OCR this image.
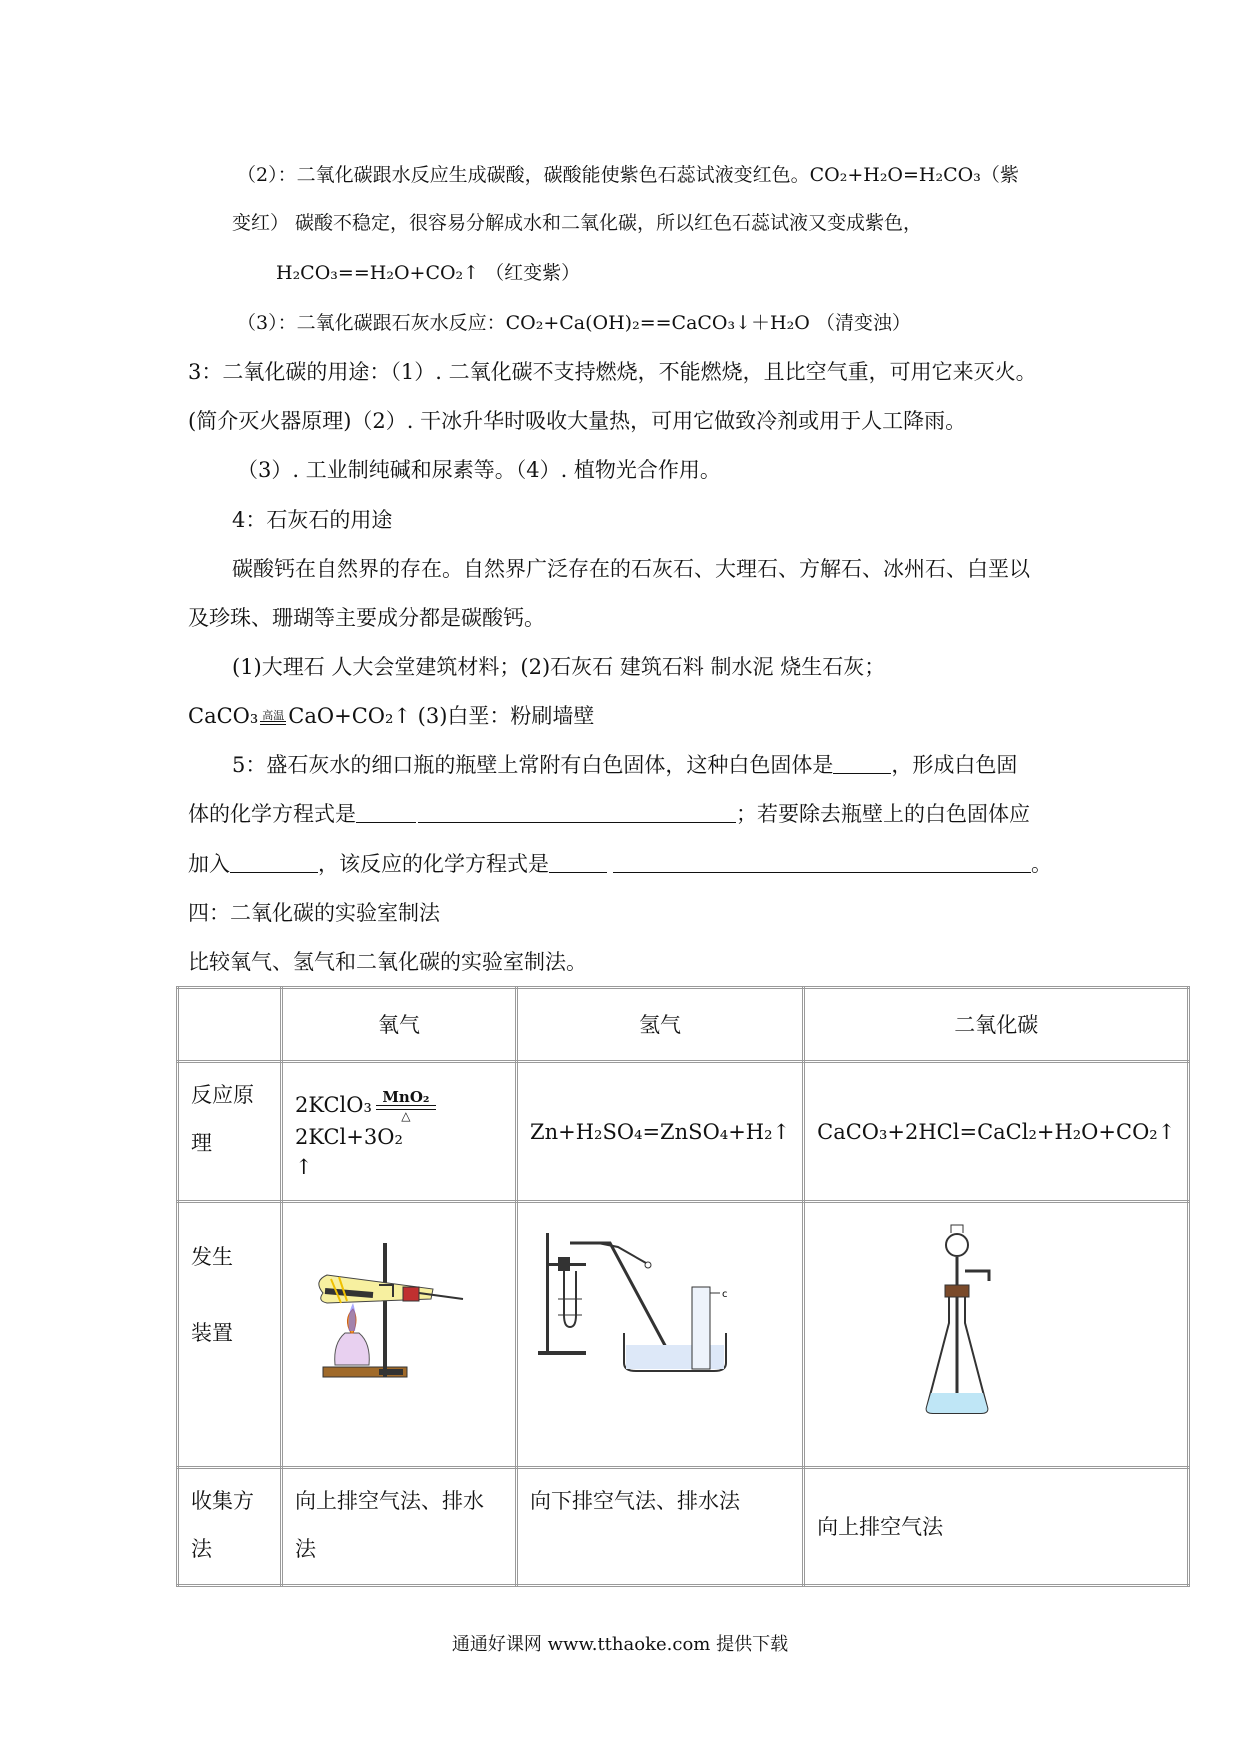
（2）：二氧化碳跟水反应生成碳酸，碳酸能使紫色石蕊试液变红色。CO₂+H₂O=H₂CO₃（紫
变红） 碳酸不稳定，很容易分解成水和二氧化碳，所以红色石蕊试液又变成紫色，
H₂CO₃==H₂O+CO₂↑ （红变紫）
（3）：二氧化碳跟石灰水反应：CO₂+Ca(OH)₂==CaCO₃↓＋H₂O （清变浊）
3：二氧化碳的用途：（1）. 二氧化碳不支持燃烧，不能燃烧，且比空气重，可用它来灭火。
(简介灭火器原理)（2）. 干冰升华时吸收大量热，可用它做致冷剂或用于人工降雨。
（3）. 工业制纯碱和尿素等。（4）. 植物光合作用。
4：石灰石的用途
碳酸钙在自然界的存在。自然界广泛存在的石灰石、大理石、方解石、冰州石、白垩以
及珍珠、珊瑚等主要成分都是碳酸钙。
(1)大理石 人大会堂建筑材料；(2)石灰石 建筑石料 制水泥 烧生石灰；
CaCO₃ 高温 CaO+CO₂↑ (3)白垩：粉刷墙壁
5：盛石灰水的细口瓶的瓶壁上常附有白色固体，这种白色固体是	，形成白色固
体的化学方程式是	；若要除去瓶壁上的白色固体应
加入	，该反应的化学方程式是	。
四：二氧化碳的实验室制法
比较氧气、氢气和二氧化碳的实验室制法。
	氧气	氢气	二氧化碳
反应原理	2KClO₃ MnO₂
△
2KCl+3O₂
↑	Zn+H₂SO₄=ZnSO₄+H₂↑	CaCO₃+2HCl=CaCl₂+H₂O+CO₂↑
发生装置		c

收集方法	向上排空气法、排水法	向下排空气法、排水法	向上排空气法
通通好课网 www.tthaoke.com 提供下载
